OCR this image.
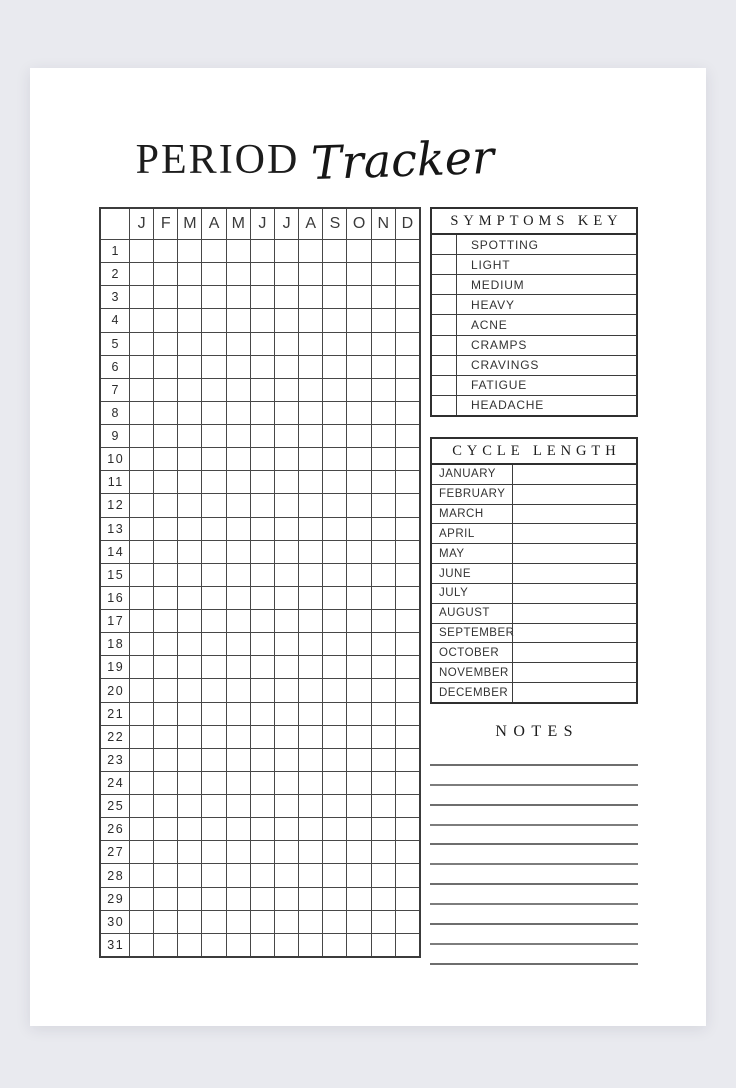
PERIOD Tracker
J F M A M J	J A S O N D
1
2
3
4
5
6
7
8
9
10
11
12
13
14
15
16
17
18
19
20
21
22
23
24
25
26
27
28
29
30
31
SYMPTOMS KEY
SPOTTING
LIGHT
MEDIUM
HEAVY
ACNE
CRAMPS
CRAVINGS
FATIGUE
HEADACHE
CYCLE LENGTH
JANUARY
FEBRUARY
MARCH
APRIL
MAY
JUNE
JULY
AUGUST
SEPTEMBER
OCTOBER
NOVEMBER
DECEMBER
NOTES
